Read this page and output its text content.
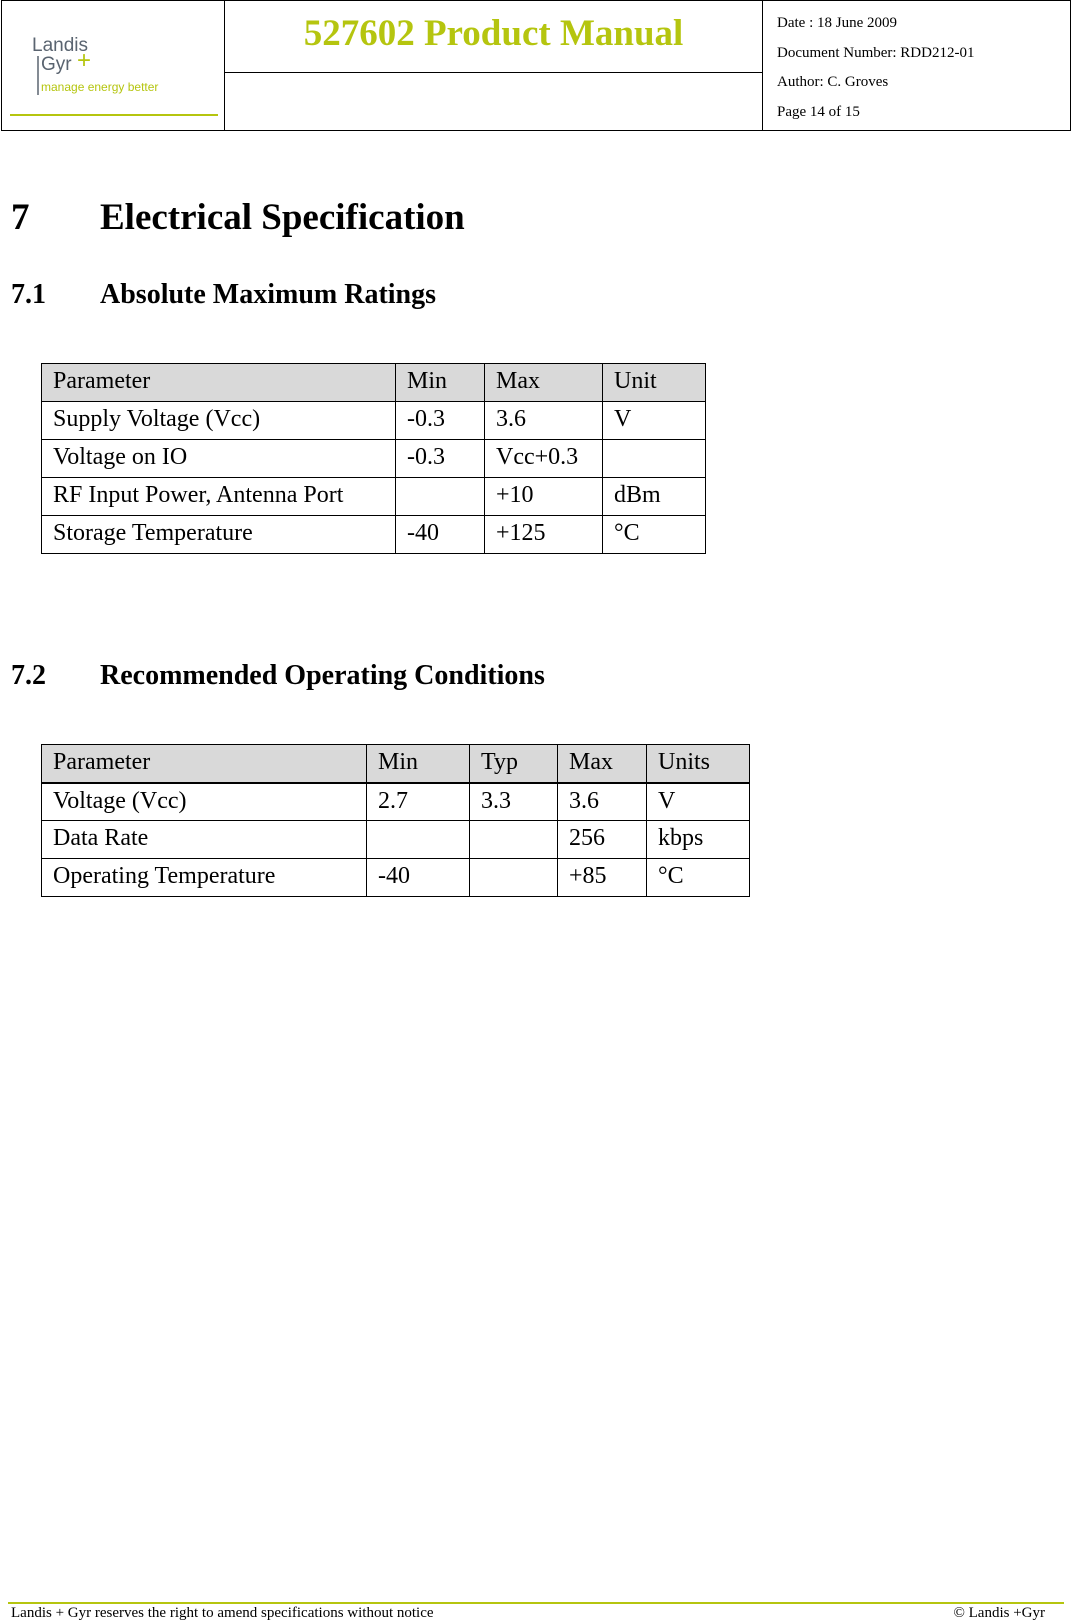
Landis
Gyr +
manage energy better
527602 Product Manual	Date : 18 June 2009
Document Number: RDD212-01
Author: C. Groves
Page 14 of 15
7 Electrical Specification
7.1 Absolute Maximum Ratings
Parameter	Min	Max	Unit
Supply Voltage (Vcc)	-0.3	3.6	V
Voltage on IO	-0.3	Vcc+0.3	
RF Input Power, Antenna Port		+10	dBm
Storage Temperature	-40	+125	°C
7.2 Recommended Operating Conditions
Parameter	Min	Typ	Max	Units
Voltage (Vcc)	2.7	3.3	3.6	V
Data Rate			256	kbps
Operating Temperature	-40		+85	°C
Landis + Gyr reserves the right to amend specifications without notice	© Landis +Gyr
